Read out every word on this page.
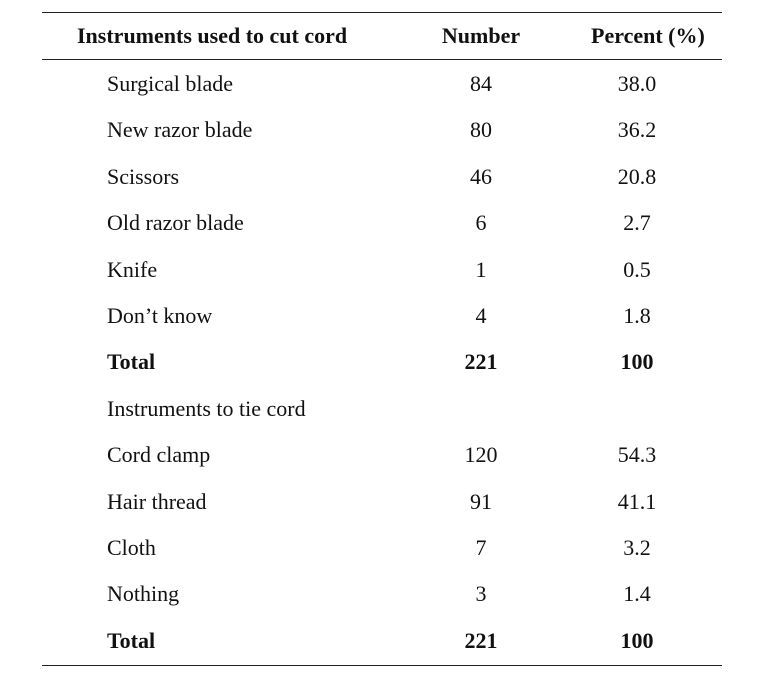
Instruments used to cut cord	Number	Percent (%)
Surgical blade	84	38.0
New razor blade	80	36.2
Scissors	46	20.8
Old razor blade	6	2.7
Knife	1	0.5
Don’t know	4	1.8
Total	221	100
Instruments to tie cord
Cord clamp	120	54.3
Hair thread	91	41.1
Cloth	7	3.2
Nothing	3	1.4
Total	221	100
